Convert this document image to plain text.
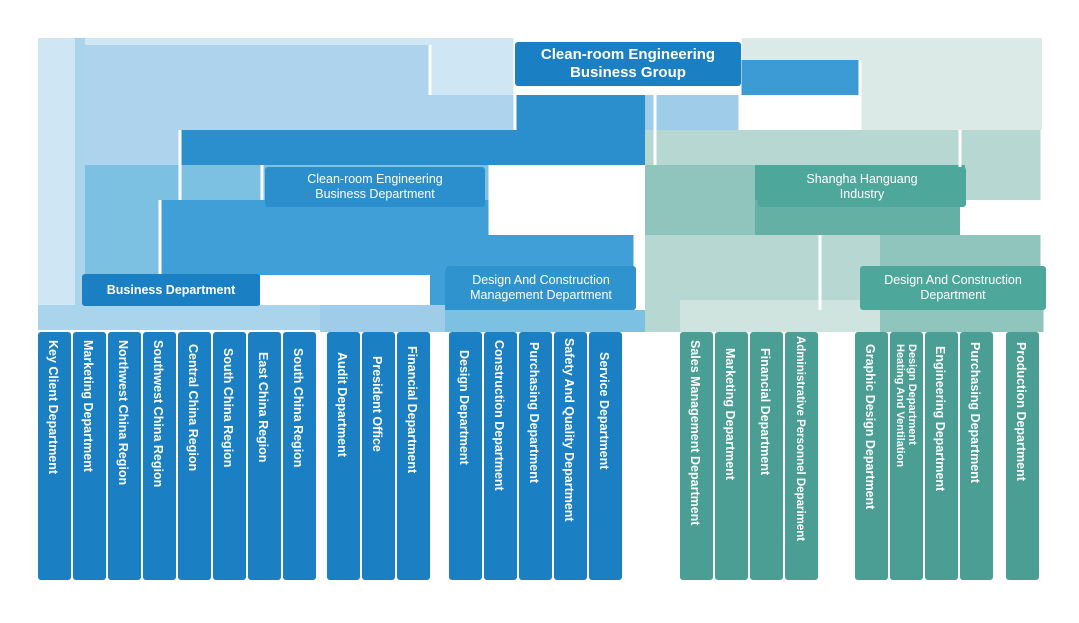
Clean-room Engineering
Business Group
Clean-room Engineering
Business Department
Shangha Hanguang
Industry
Business Department
Design And Construction
Management Department
Design And Construction
Department
Key Client Department Marketing Department Northwest China Region Southwest China Region Central China Region South China Region East China Region South China Region Audit Department President Office Financial Department	Design Department Construction Department Purchasing Department Safety And Quality Department Service Department	Sales Management Department Marketing Department Financial Department Administrative Personnel Depariment	Graphic Design Department Heating And Ventilation Design Department Engineering Department Purchasing Department	Production Department
